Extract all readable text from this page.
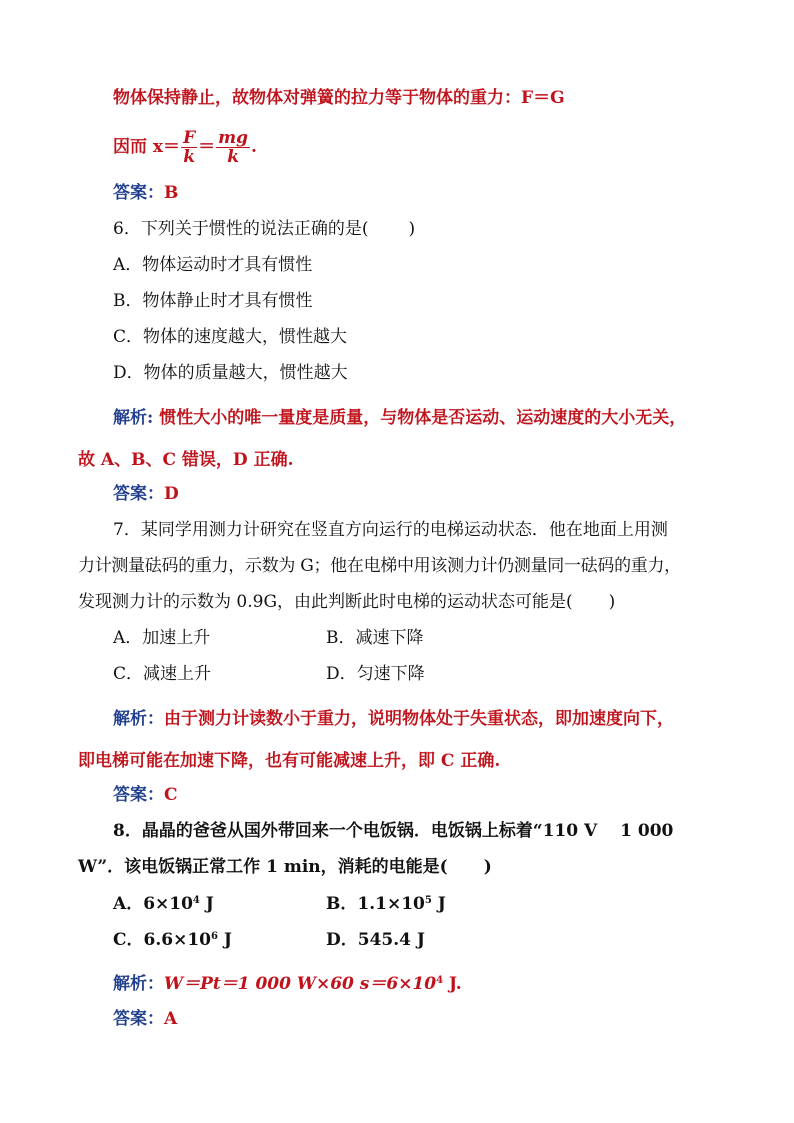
物体保持静止，故物体对弹簧的拉力等于物体的重力：F＝G
因而 $x= \frac{F}{k} = \frac{mg}{k}$ .
答案：B
6．下列关于惯性的说法正确的是( )
A．物体运动时才具有惯性
B．物体静止时才具有惯性
C．物体的速度越大，惯性越大
D．物体的质量越大，惯性越大
解析: 惯性大小的唯一量度是质量，与物体是否运动、运动速度的大小无关，
故 A、B、C 错误，D 正确.
答案：D
7．某同学用测力计研究在竖直方向运行的电梯运动状态．他在地面上用测
力计测量砝码的重力，示数为 G；他在电梯中用该测力计仍测量同一砝码的重力，
发现测力计的示数为 0.9G，由此判断此时电梯的运动状态可能是( )
A．加速上升	B．减速下降
C．减速上升	D．匀速下降
解析：由于测力计读数小于重力，说明物体处于失重状态，即加速度向下，
即电梯可能在加速下降，也有可能减速上升，即 C 正确.
答案：C
8．晶晶的爸爸从国外带回来一个电饭锅．电饭锅上标着“110 V　 1 000
W”．该电饭锅正常工作 1 min，消耗的电能是( )
A．$6\times 10^4$ J	B．$1.1\times 10^5$ J
C．$6.6\times 10^6$ J	D．545.4 J
解析：W＝Pt＝1 000 W×60 $s=6\times 10^4$ J.
答案：A
